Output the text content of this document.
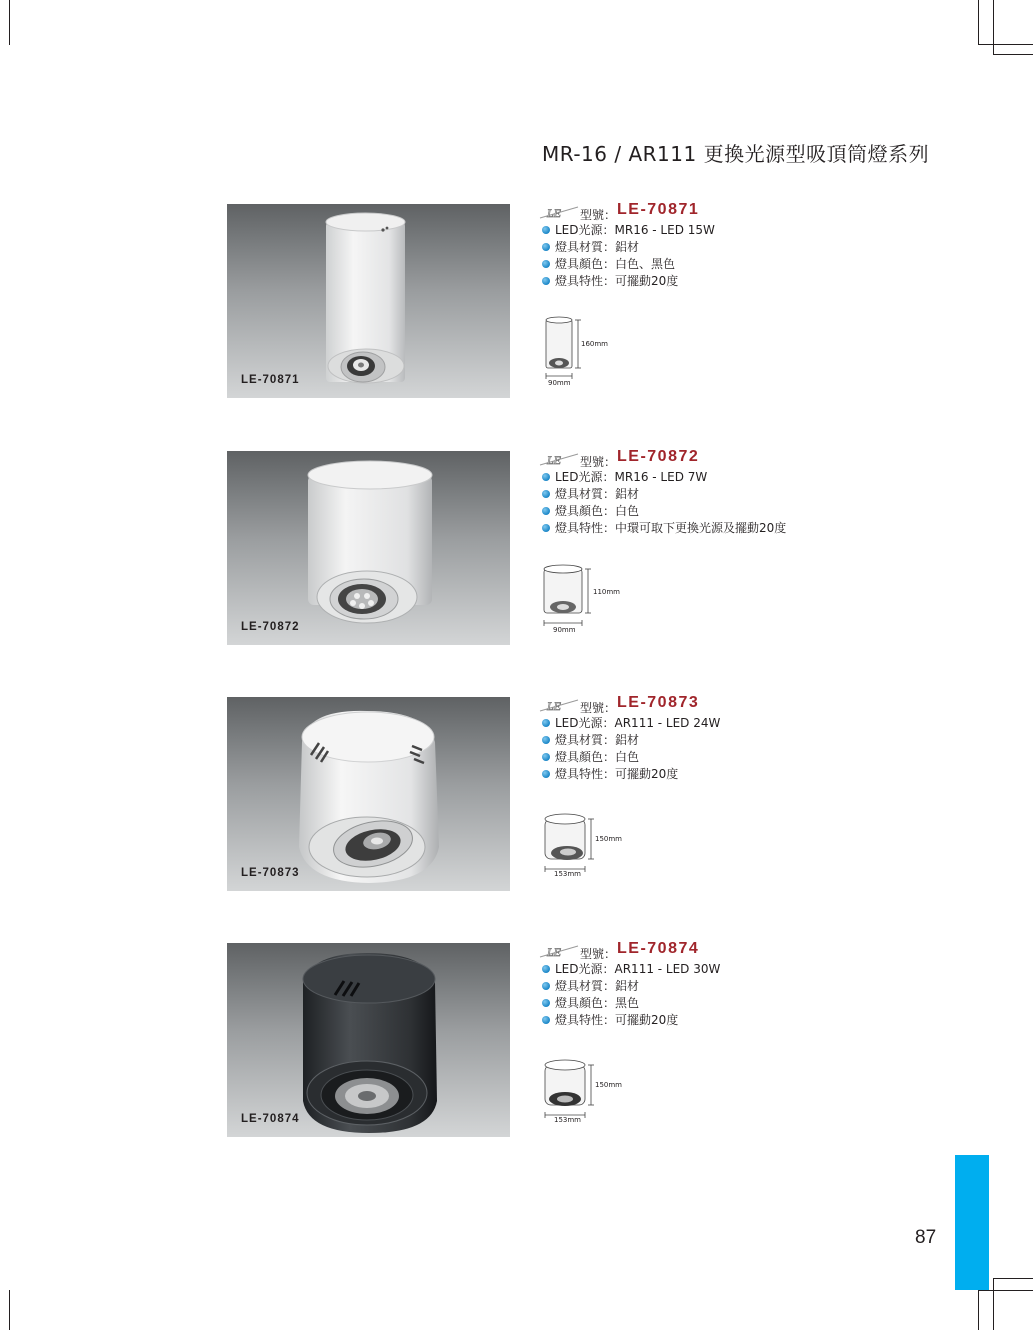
MR-16 / AR111 更換光源型吸頂筒燈系列
LE-70871
LE 型號： LE-70871
LED光源：MR16 - LED 15W
燈具材質：鋁材
燈具顏色：白色、黑色
燈具特性：可擺動20度
160mm
90mm
LE-70872
LE 型號： LE-70872
LED光源：MR16 - LED 7W
燈具材質：鋁材
燈具顏色：白色
燈具特性：中環可取下更換光源及擺動20度
110mm
90mm
LE-70873
LE 型號： LE-70873
LED光源：AR111 - LED 24W
燈具材質：鋁材
燈具顏色：白色
燈具特性：可擺動20度
150mm
153mm
LE-70874
LE 型號： LE-70874
LED光源：AR111 - LED 30W
燈具材質：鋁材
燈具顏色：黑色
燈具特性：可擺動20度
150mm
153mm
87
